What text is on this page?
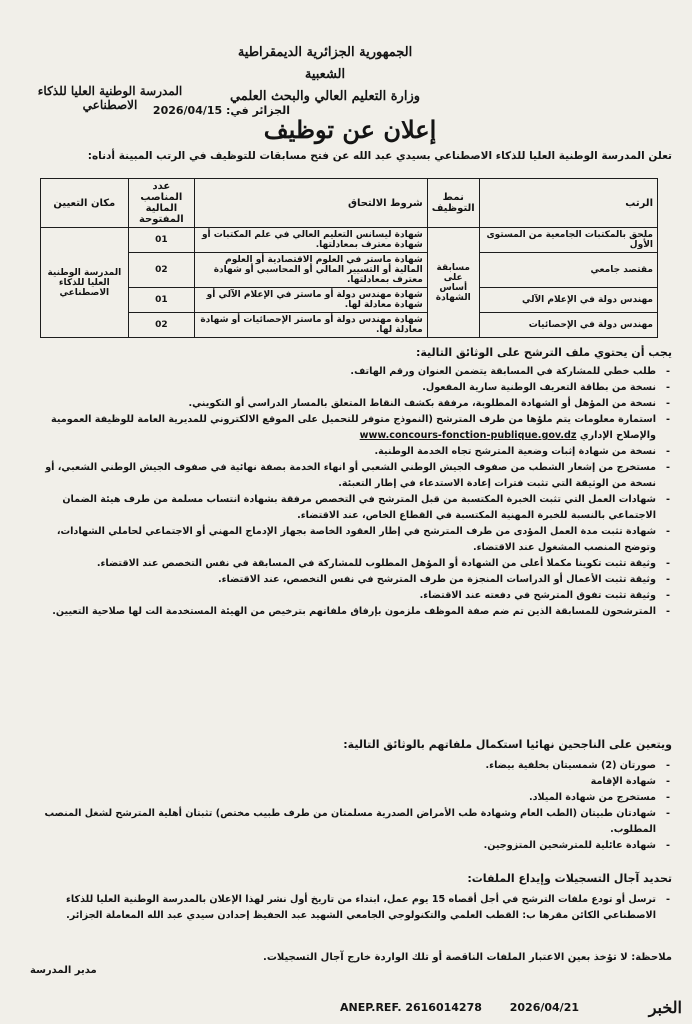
الجمهورية الجزائرية الديمقراطية الشعبية
وزارة التعليم العالي والبحث العلمي
المدرسة الوطنية العليا للذكاء الاصطناعي	الجزائر في: 2026/04/15
إعلان عن توظيف
تعلن المدرسة الوطنية العليا للذكاء الاصطناعي بسيدي عبد الله عن فتح مسابقات للتوظيف في الرتب المبينة أدناه:
الرتب	نمط التوظيف	شروط الالتحاق	عدد المناصب المالية المفتوحة	مكان التعيين
ملحق بالمكتبات الجامعية من المستوى الأول	مسابقة على أساس الشهادة	شهادة ليسانس التعليم العالي في علم المكتبات أو شهادة معترف بمعادلتها.	01	المدرسة الوطنية العليا للذكاء الاصطناعي
مقتصد جامعي		شهادة ماستر في العلوم الاقتصادية أو العلوم المالية أو التسيير المالي أو المحاسبي أو شهادة معترف بمعادلتها.	02	
مهندس دولة في الإعلام الآلي		شهادة مهندس دولة أو ماستر في الإعلام الآلي أو شهادة معادلة لها.	01	
مهندس دولة في الإحصائيات		شهادة مهندس دولة أو ماستر الإحصائيات أو شهادة معادلة لها.	02	
يجب أن يحتوي ملف الترشح على الوثائق التالية:
- طلب خطي للمشاركة في المسابقة يتضمن العنوان ورقم الهاتف.
- نسخة من بطاقة التعريف الوطنية سارية المفعول.
- نسخة من المؤهل أو الشهادة المطلوبة، مرفقة بكشف النقاط المتعلق بالمسار الدراسي أو التكويني.
- استمارة معلومات يتم ملؤها من طرف المترشح (النموذج متوفر للتحميل على الموقع الالكتروني للمديرية العامة للوظيفة العمومية والإصلاح الإداري www.concours-fonction-publique.gov.dz
- نسخة من شهادة إثبات وضعية المترشح تجاه الخدمة الوطنية.
- مستخرج من إشعار الشطب من صفوف الجيش الوطني الشعبي أو انهاء الخدمة بصفة نهائية في صفوف الجيش الوطني الشعبي، أو نسخة من الوثيقة التي تثبت فترات إعادة الاستدعاء في إطار التعبئة.
- شهادات العمل التي تثبت الخبرة المكتسبة من قبل المترشح في التخصص مرفقة بشهادة انتساب مسلمة من طرف هيئة الضمان الاجتماعي بالنسبة للخبرة المهنية المكتسبة في القطاع الخاص، عند الاقتضاء.
- شهادة تثبت مدة العمل المؤدى من طرف المترشح في إطار العقود الخاصة بجهاز الإدماج المهني أو الاجتماعي لحاملي الشهادات، وتوضح المنصب المشغول عند الاقتضاء.
- وثيقة تثبت تكوينا مكملا أعلى من الشهادة أو المؤهل المطلوب للمشاركة في المسابقة في نفس التخصص عند الاقتضاء.
- وثيقة تثبت الأعمال أو الدراسات المنجزة من طرف المترشح في نفس التخصص، عند الاقتضاء.
- وثيقة تثبت تفوق المترشح في دفعته عند الاقتضاء.
- المترشحون للمسابقة الذين تم ضم صفة الموظف ملزمون بإرفاق ملفاتهم بترخيص من الهيئة المستخدمة الت لها صلاحية التعيين.
ويتعين على الناجحين نهائيا استكمال ملفاتهم بالوثائق التالية:
- صورتان (2) شمسيتان بخلفية بيضاء.
- شهادة الإقامة
- مستخرج من شهادة الميلاد.
- شهادتان طبيتان (الطب العام وشهادة طب الأمراض الصدرية مسلمتان من طرف طبيب مختص) تثبتان أهلية المترشح لشغل المنصب المطلوب.
- شهادة عائلية للمترشحين المتزوجين.
تحديد آجال التسجيلات وإيداع الملفات:
- ترسل أو تودع ملفات الترشح في أجل أقصاه 15 يوم عمل، ابتداء من تاريخ أول نشر لهذا الإعلان بالمدرسة الوطنية العليا للذكاء الاصطناعي الكائن مقرها ب: القطب العلمي والتكنولوجي الجامعي الشهيد عبد الحفيظ إحدادن سيدي عبد الله المعاملة الجزائر.
ملاحظة: لا تؤخذ بعين الاعتبار الملفات الناقصة أو تلك الواردة خارج آجال التسجيلات.
مدير المدرسة
ANEP.REF. 2616014278	2026/04/21	الخبر
